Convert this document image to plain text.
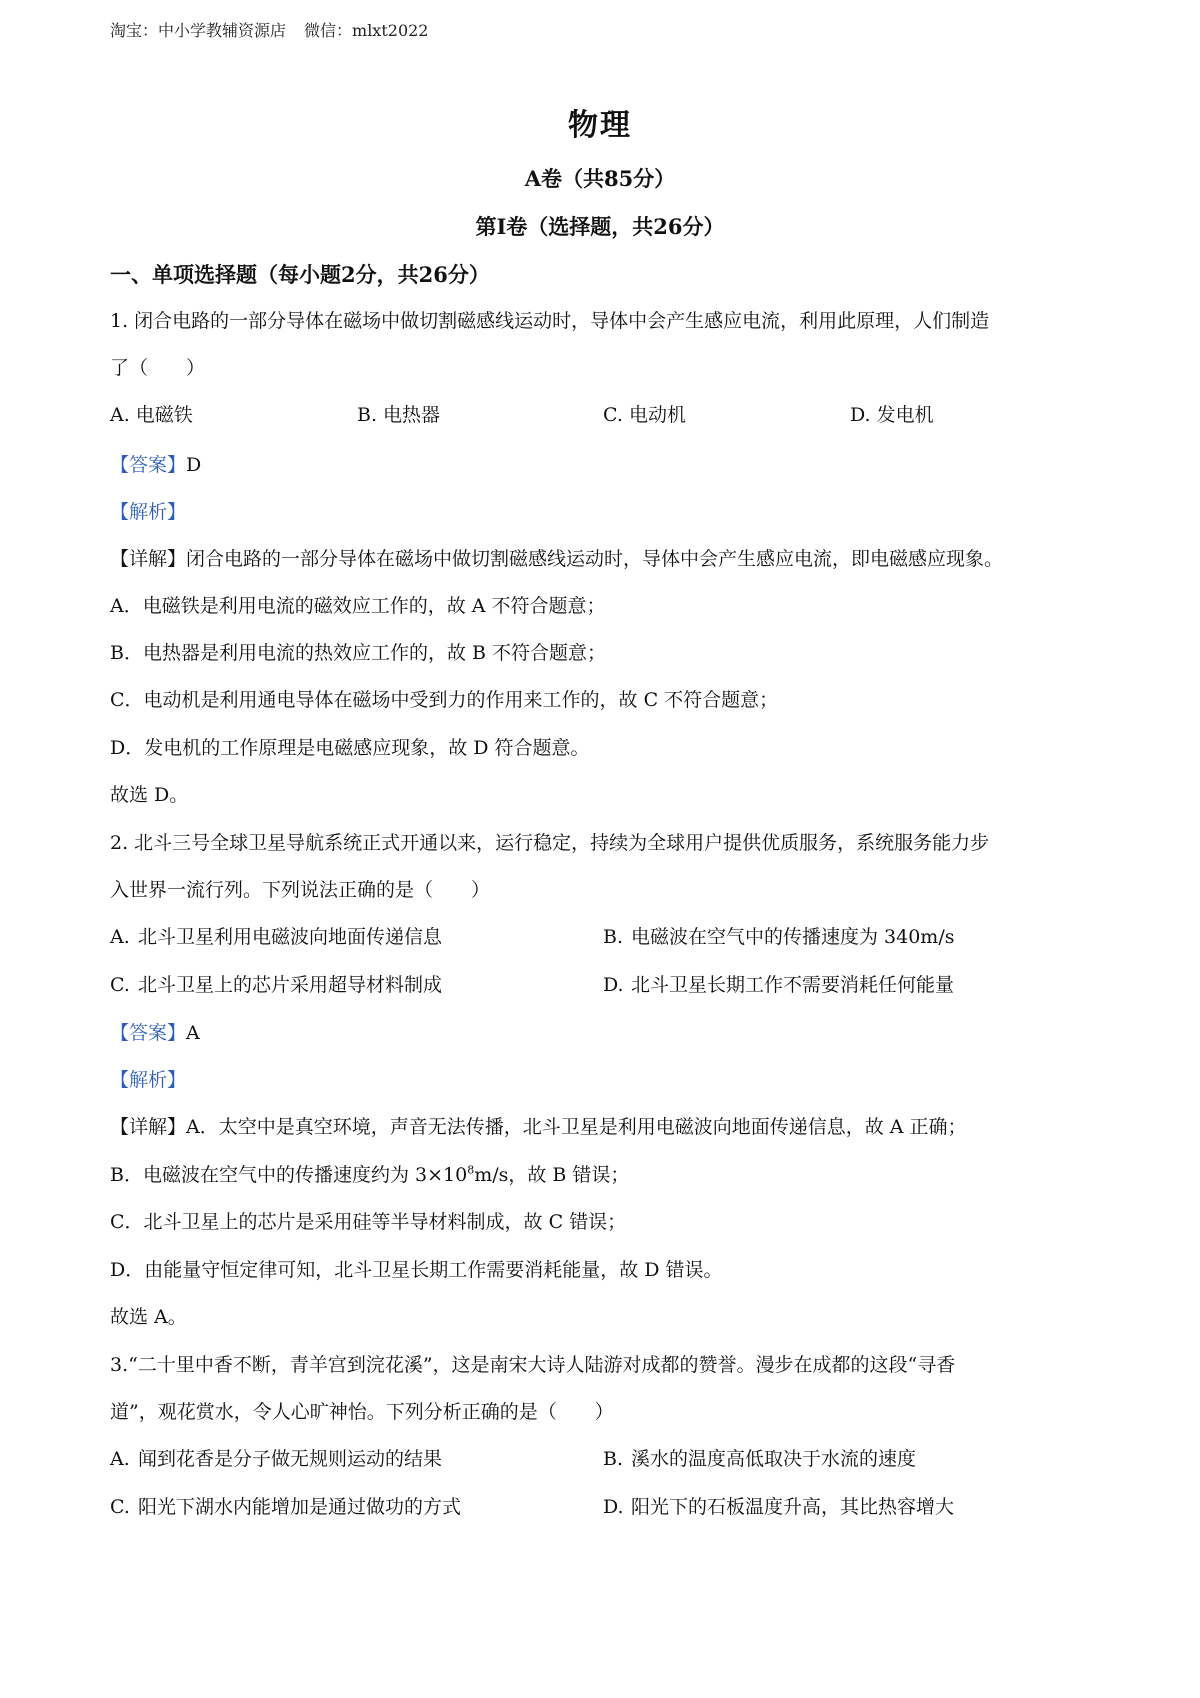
淘宝：中小学教辅资源店 微信：mlxt2022
物理
A卷（共85分）
第Ⅰ卷（选择题，共26分）
一、单项选择题（每小题2分，共26分）
1. 闭合电路的一部分导体在磁场中做切割磁感线运动时，导体中会产生感应电流，利用此原理，人们制造
了（　　）
A. 电磁铁	B. 电热器	C. 电动机	D. 发电机
【答案】D
【解析】
【详解】闭合电路的一部分导体在磁场中做切割磁感线运动时，导体中会产生感应电流，即电磁感应现象。
A．电磁铁是利用电流的磁效应工作的，故 A 不符合题意；
B．电热器是利用电流的热效应工作的，故 B 不符合题意；
C．电动机是利用通电导体在磁场中受到力的作用来工作的，故 C 不符合题意；
D．发电机的工作原理是电磁感应现象，故 D 符合题意。
故选 D。
2. 北斗三号全球卫星导航系统正式开通以来，运行稳定，持续为全球用户提供优质服务，系统服务能力步
入世界一流行列。下列说法正确的是（　　）
A. 北斗卫星利用电磁波向地面传递信息	B. 电磁波在空气中的传播速度为 340m/s
C. 北斗卫星上的芯片采用超导材料制成	D. 北斗卫星长期工作不需要消耗任何能量
【答案】A
【解析】
【详解】A．太空中是真空环境，声音无法传播，北斗卫星是利用电磁波向地面传递信息，故 A 正确；
B．电磁波在空气中的传播速度约为 $3\times 10^8m/s$，故 B 错误；
C．北斗卫星上的芯片是采用硅等半导材料制成，故 C 错误；
D．由能量守恒定律可知，北斗卫星长期工作需要消耗能量，故 D 错误。
故选 A。
3.“二十里中香不断，青羊宫到浣花溪”，这是南宋大诗人陆游对成都的赞誉。漫步在成都的这段“寻香
道”，观花赏水，令人心旷神怡。下列分析正确的是（　　）
A. 闻到花香是分子做无规则运动的结果	B. 溪水的温度高低取决于水流的速度
C. 阳光下湖水内能增加是通过做功的方式	D. 阳光下的石板温度升高，其比热容增大
